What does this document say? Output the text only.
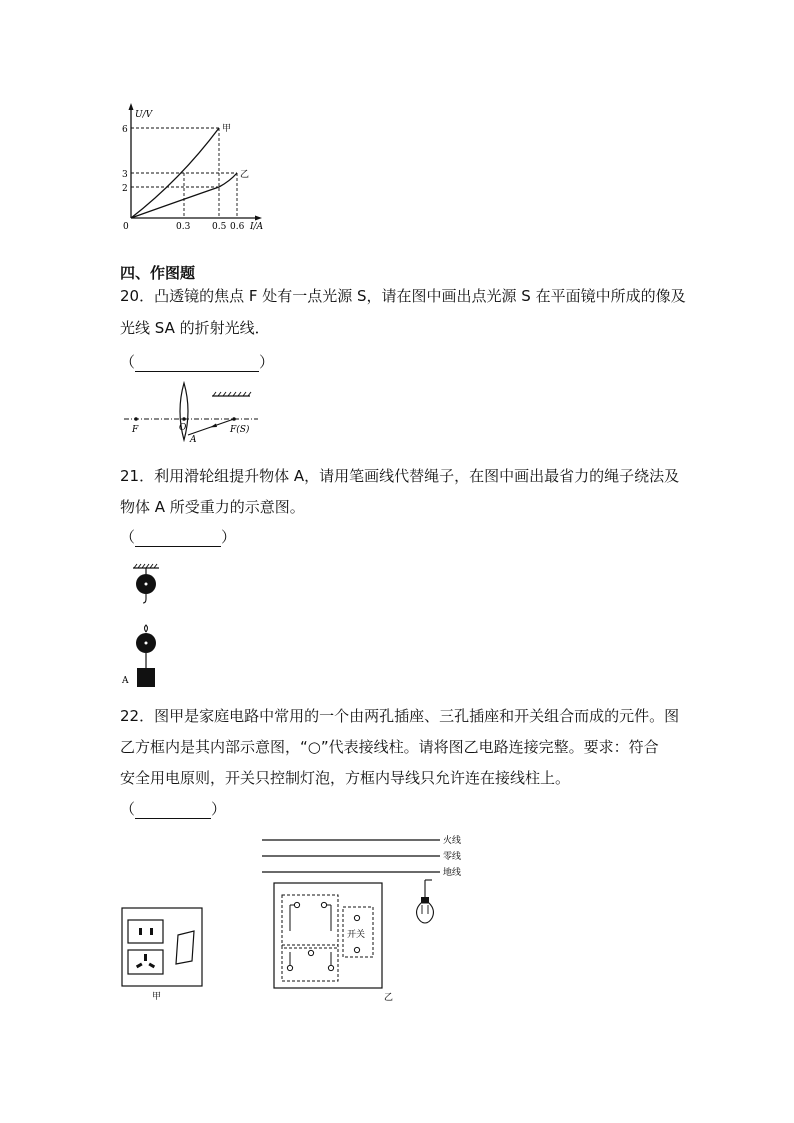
U/V
I/A
0
6
3
2
0.3 0.5 0.6
甲
乙
四、作图题
20．凸透镜的焦点 F 处有一点光源 S，请在图中画出点光源 S 在平面镜中所成的像及
光线 SA 的折射光线．
（	）
F	O
A
F(S)
21．利用滑轮组提升物体 A，请用笔画线代替绳子，在图中画出最省力的绳子绕法及
物体 A 所受重力的示意图。
（	）
A
22．图甲是家庭电路中常用的一个由两孔插座、三孔插座和开关组合而成的元件。图
乙方框内是其内部示意图，“○”代表接线柱。请将图乙电路连接完整。要求：符合
安全用电原则，开关只控制灯泡，方框内导线只允许连在接线柱上。
（	）
甲
火线
零线
地线
开关
乙
